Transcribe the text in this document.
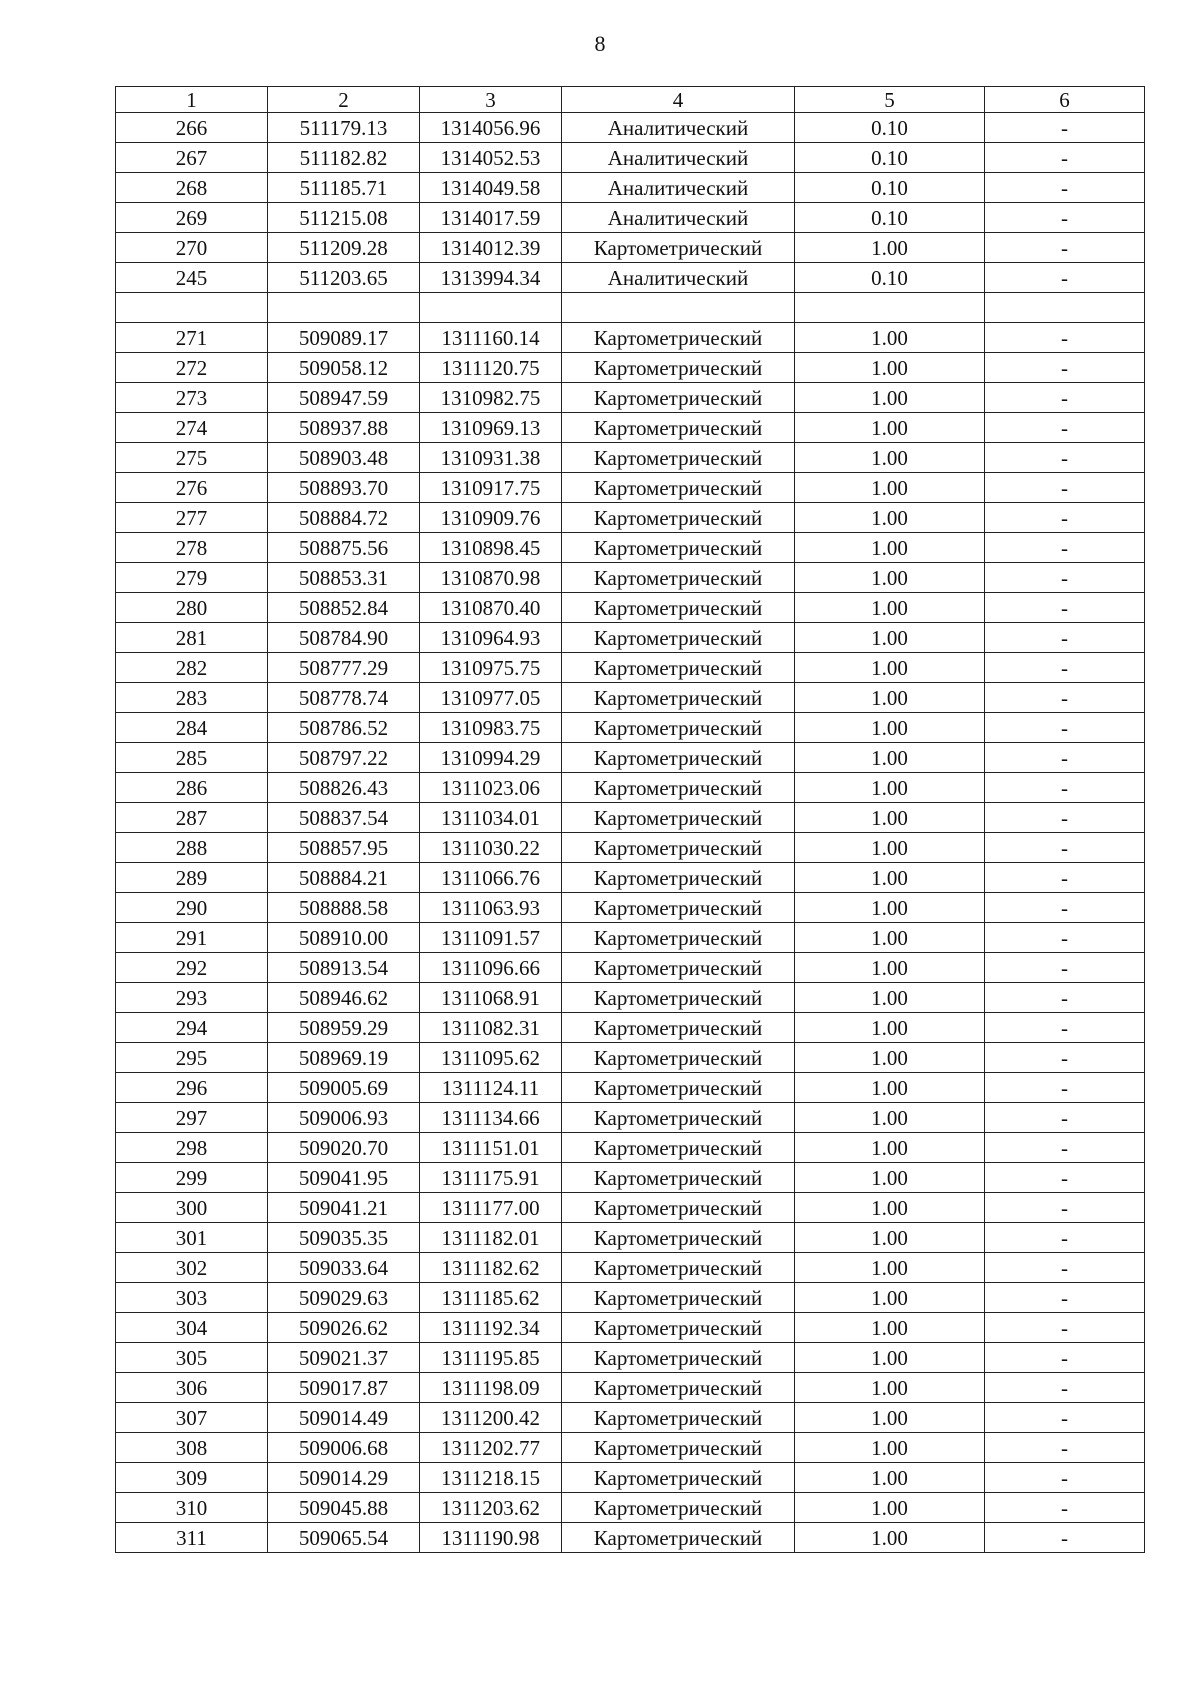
8
1	2	3	4	5	6
266	511179.13	1314056.96	Аналитический	0.10	-
267	511182.82	1314052.53	Аналитический	0.10	-
268	511185.71	1314049.58	Аналитический	0.10	-
269	511215.08	1314017.59	Аналитический	0.10	-
270	511209.28	1314012.39	Картометрический	1.00	-
245	511203.65	1313994.34	Аналитический	0.10	-

271	509089.17	1311160.14	Картометрический	1.00	-
272	509058.12	1311120.75	Картометрический	1.00	-
273	508947.59	1310982.75	Картометрический	1.00	-
274	508937.88	1310969.13	Картометрический	1.00	-
275	508903.48	1310931.38	Картометрический	1.00	-
276	508893.70	1310917.75	Картометрический	1.00	-
277	508884.72	1310909.76	Картометрический	1.00	-
278	508875.56	1310898.45	Картометрический	1.00	-
279	508853.31	1310870.98	Картометрический	1.00	-
280	508852.84	1310870.40	Картометрический	1.00	-
281	508784.90	1310964.93	Картометрический	1.00	-
282	508777.29	1310975.75	Картометрический	1.00	-
283	508778.74	1310977.05	Картометрический	1.00	-
284	508786.52	1310983.75	Картометрический	1.00	-
285	508797.22	1310994.29	Картометрический	1.00	-
286	508826.43	1311023.06	Картометрический	1.00	-
287	508837.54	1311034.01	Картометрический	1.00	-
288	508857.95	1311030.22	Картометрический	1.00	-
289	508884.21	1311066.76	Картометрический	1.00	-
290	508888.58	1311063.93	Картометрический	1.00	-
291	508910.00	1311091.57	Картометрический	1.00	-
292	508913.54	1311096.66	Картометрический	1.00	-
293	508946.62	1311068.91	Картометрический	1.00	-
294	508959.29	1311082.31	Картометрический	1.00	-
295	508969.19	1311095.62	Картометрический	1.00	-
296	509005.69	1311124.11	Картометрический	1.00	-
297	509006.93	1311134.66	Картометрический	1.00	-
298	509020.70	1311151.01	Картометрический	1.00	-
299	509041.95	1311175.91	Картометрический	1.00	-
300	509041.21	1311177.00	Картометрический	1.00	-
301	509035.35	1311182.01	Картометрический	1.00	-
302	509033.64	1311182.62	Картометрический	1.00	-
303	509029.63	1311185.62	Картометрический	1.00	-
304	509026.62	1311192.34	Картометрический	1.00	-
305	509021.37	1311195.85	Картометрический	1.00	-
306	509017.87	1311198.09	Картометрический	1.00	-
307	509014.49	1311200.42	Картометрический	1.00	-
308	509006.68	1311202.77	Картометрический	1.00	-
309	509014.29	1311218.15	Картометрический	1.00	-
310	509045.88	1311203.62	Картометрический	1.00	-
311	509065.54	1311190.98	Картометрический	1.00	-
